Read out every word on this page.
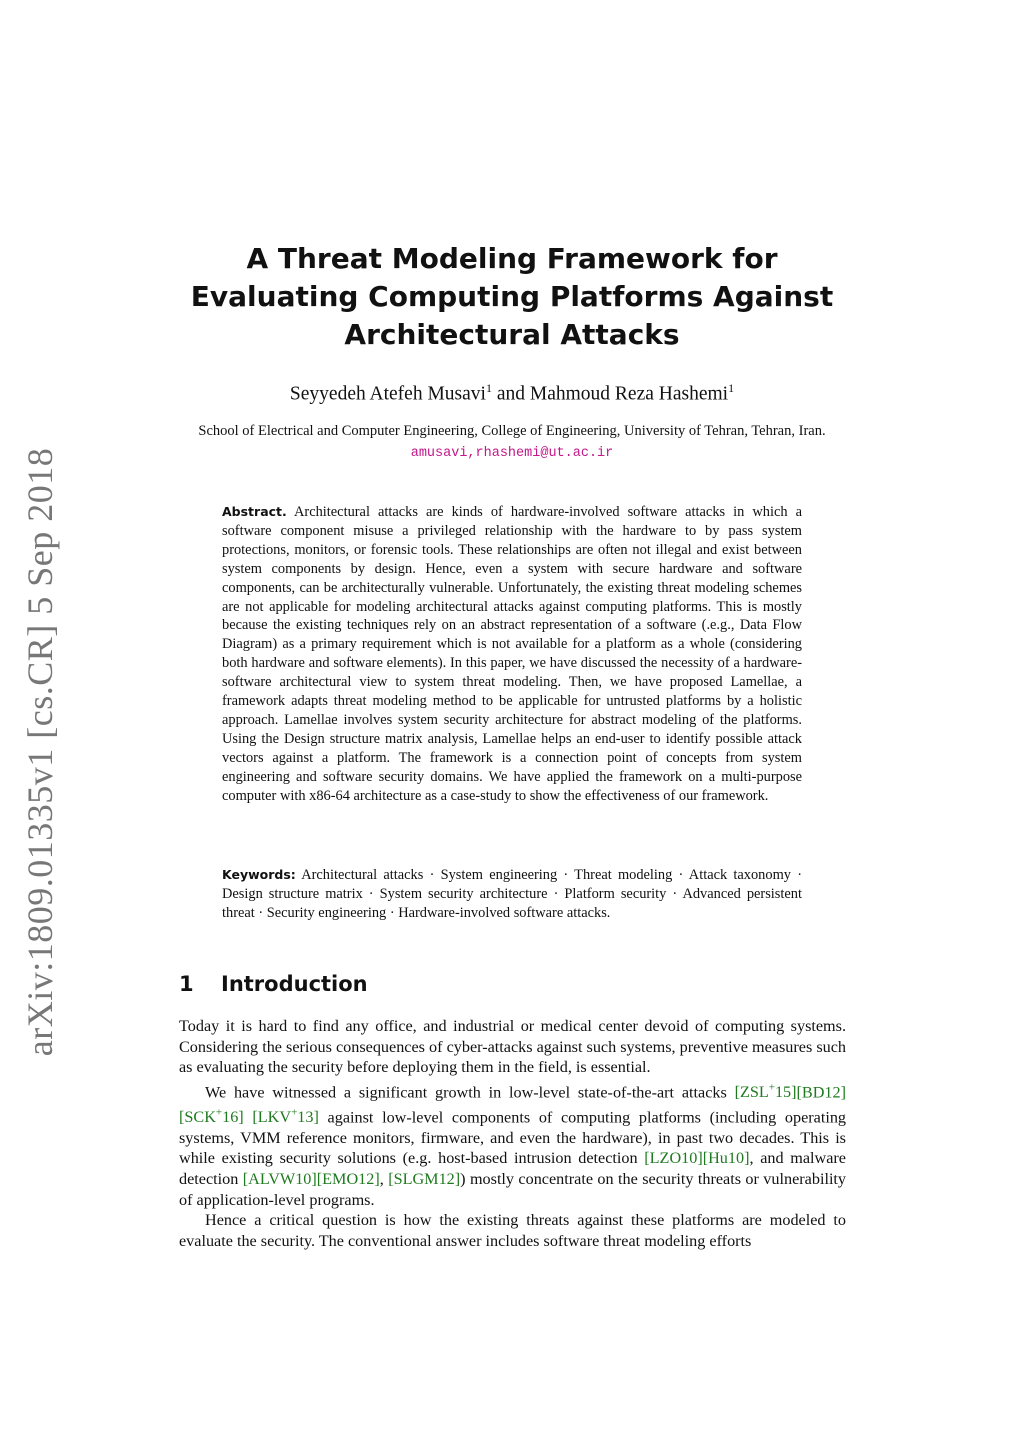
arXiv:1809.01335v1 [cs.CR] 5 Sep 2018
A Threat Modeling Framework for Evaluating Computing Platforms Against Architectural Attacks
Seyyedeh Atefeh Musavi$^1$ and Mahmoud Reza Hashemi$^1$
School of Electrical and Computer Engineering, College of Engineering, University of Tehran, Tehran, Iran. amusavi,rhashemi@ut.ac.ir
Abstract. Architectural attacks are kinds of hardware-involved software attacks in which a software component misuse a privileged relationship with the hardware to by pass system protections, monitors, or forensic tools. These relationships are often not illegal and exist between system components by design. Hence, even a system with secure hardware and software components, can be architecturally vulnerable. Unfortunately, the existing threat modeling schemes are not applicable for modeling architectural attacks against computing platforms. This is mostly because the existing techniques rely on an abstract representation of a software (.e.g., Data Flow Diagram) as a primary requirement which is not available for a platform as a whole (considering both hardware and software elements). In this paper, we have discussed the necessity of a hardware-software architectural view to system threat modeling. Then, we have proposed Lamellae, a framework adapts threat modeling method to be applicable for untrusted platforms by a holistic approach. Lamellae involves system security architecture for abstract modeling of the platforms. Using the Design structure matrix analysis, Lamellae helps an end-user to identify possible attack vectors against a platform. The framework is a connection point of concepts from system engineering and software security domains. We have applied the framework on a multi-purpose computer with x86-64 architecture as a case-study to show the effectiveness of our framework.
Keywords: Architectural attacks · System engineering · Threat modeling · Attack taxonomy · Design structure matrix · System security architecture · Platform security · Advanced persistent threat · Security engineering · Hardware-involved software attacks.
1 Introduction

Today it is hard to find any office, and industrial or medical center devoid of computing systems. Considering the serious consequences of cyber-attacks against such systems, preventive measures such as evaluating the security before deploying them in the field, is essential.

We have witnessed a significant growth in low-level state-of-the-art attacks [ZSL+15][BD12] [SCK+16] [LKV+13] against low-level components of computing platforms (including operating systems, VMM reference monitors, firmware, and even the hardware), in past two decades. This is while existing security solutions (e.g. host-based intrusion detection [LZO10][Hu10], and malware detection [ALVW10][EMO12], [SLGM12]) mostly concentrate on the security threats or vulnerability of application-level programs.

Hence a critical question is how the existing threats against these platforms are modeled to evaluate the security. The conventional answer includes software threat modeling efforts
